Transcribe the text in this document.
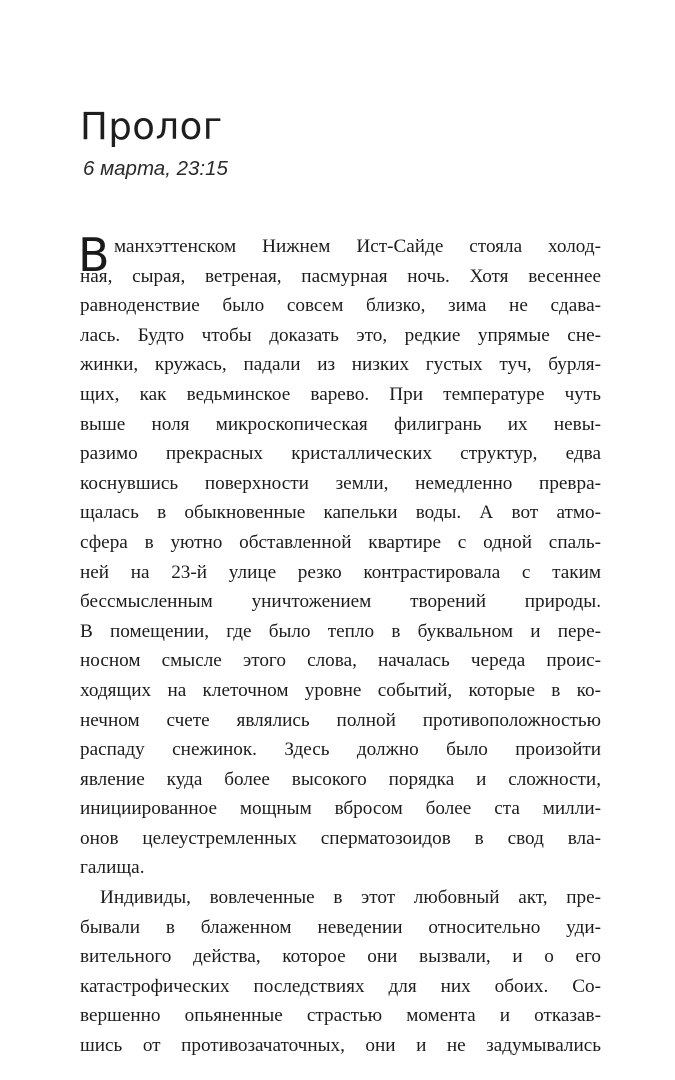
Пролог

6 марта, 23:15

В манхэттенском Нижнем Ист-Сайде стояла холод-
ная, сырая, ветреная, пасмурная ночь. Хотя весеннее
равноденствие было совсем близко, зима не сдава-
лась. Будто чтобы доказать это, редкие упрямые сне-
жинки, кружась, падали из низких густых туч, бурля-
щих, как ведьминское варево. При температуре чуть
выше ноля микроскопическая филигрань их невы-
разимо прекрасных кристаллических структур, едва
коснувшись поверхности земли, немедленно превра-
щалась в обыкновенные капельки воды. А вот атмо-
сфера в уютно обставленной квартире с одной спаль-
ней на 23-й улице резко контрастировала с таким
бессмысленным уничтожением творений природы.
В помещении, где было тепло в буквальном и пере-
носном смысле этого слова, началась череда проис-
ходящих на клеточном уровне событий, которые в ко-
нечном счете являлись полной противоположностью
распаду снежинок. Здесь должно было произойти
явление куда более высокого порядка и сложности,
инициированное мощным вбросом более ста милли-
онов целеустремленных сперматозоидов в свод вла-
галища.
Индивиды, вовлеченные в этот любовный акт, пре-
бывали в блаженном неведении относительно уди-
вительного действа, которое они вызвали, и о его
катастрофических последствиях для них обоих. Со-
вершенно опьяненные страстью момента и отказав-
шись от противозачаточных, они и не задумывались
